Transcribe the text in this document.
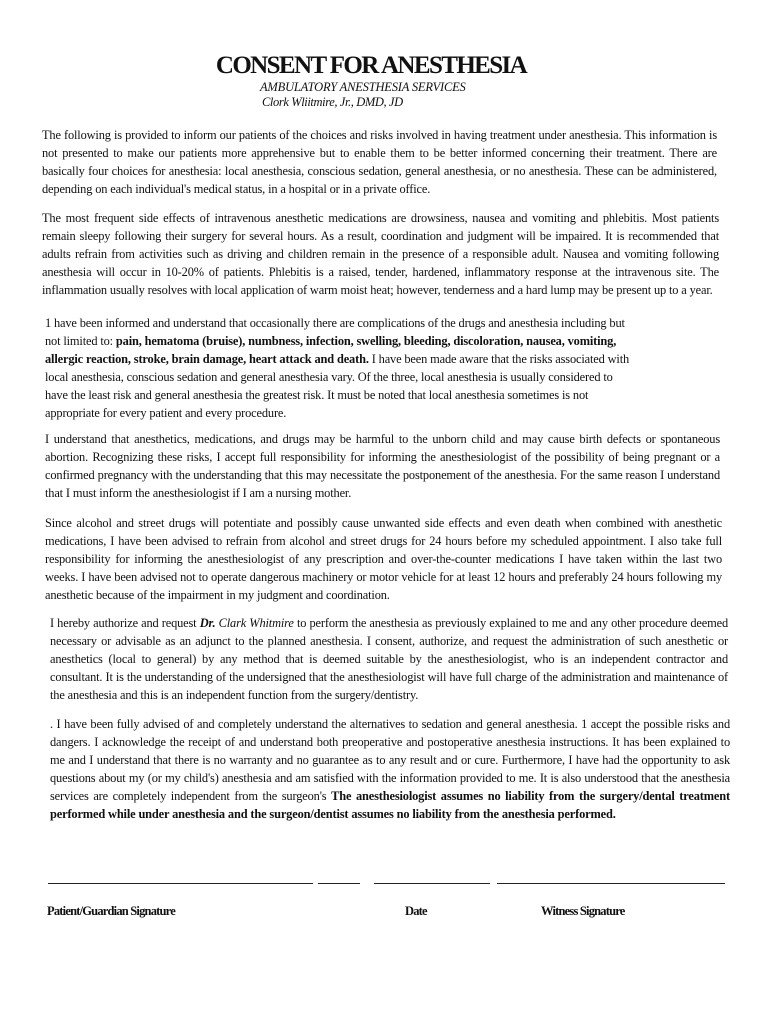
CONSENT FOR ANESTHESIA
AMBULATORY ANESTHESIA SERVICES
Clork Wliitmire, Jr., DMD, JD

The following is provided to inform our patients of the choices and risks involved in having treatment under anesthesia. This information is not presented to make our patients more apprehensive but to enable them to be better informed concerning their treatment. There are basically four choices for anesthesia: local anesthesia, conscious sedation, general anesthesia, or no anesthesia. These can be administered, depending on each individual's medical status, in a hospital or in a private office.

The most frequent side effects of intravenous anesthetic medications are drowsiness, nausea and vomiting and phlebitis. Most patients remain sleepy following their surgery for several hours. As a result, coordination and judgment will be impaired. It is recommended that adults refrain from activities such as driving and children remain in the presence of a responsible adult. Nausea and vomiting following anesthesia will occur in 10-20% of patients. Phlebitis is a raised, tender, hardened, inflammatory response at the intravenous site. The inflammation usually resolves with local application of warm moist heat; however, tenderness and a hard lump may be present up to a year.

1 have been informed and understand that occasionally there are complications of the drugs and anesthesia including but not limited to: pain, hematoma (bruise), numbness, infection, swelling, bleeding, discoloration, nausea, vomiting, allergic reaction, stroke, brain damage, heart attack and death. I have been made aware that the risks associated with local anesthesia, conscious sedation and general anesthesia vary. Of the three, local anesthesia is usually considered to have the least risk and general anesthesia the greatest risk. It must be noted that local anesthesia sometimes is not appropriate for every patient and every procedure.

I understand that anesthetics, medications, and drugs may be harmful to the unborn child and may cause birth defects or spontaneous abortion. Recognizing these risks, I accept full responsibility for informing the anesthesiologist of the possibility of being pregnant or a confirmed pregnancy with the understanding that this may necessitate the postponement of the anesthesia. For the same reason I understand that I must inform the anesthesiologist if I am a nursing mother.

Since alcohol and street drugs will potentiate and possibly cause unwanted side effects and even death when combined with anesthetic medications, I have been advised to refrain from alcohol and street drugs for 24 hours before my scheduled appointment. I also take full responsibility for informing the anesthesiologist of any prescription and over-the-counter medications I have taken within the last two weeks. I have been advised not to operate dangerous machinery or motor vehicle for at least 12 hours and preferably 24 hours following my anesthetic because of the impairment in my judgment and coordination.

I hereby authorize and request Dr. Clark Whitmire to perform the anesthesia as previously explained to me and any other procedure deemed necessary or advisable as an adjunct to the planned anesthesia. I consent, authorize, and request the administration of such anesthetic or anesthetics (local to general) by any method that is deemed suitable by the anesthesiologist, who is an independent contractor and consultant. It is the understanding of the undersigned that the anesthesiologist will have full charge of the administration and maintenance of the anesthesia and this is an independent function from the surgery/dentistry.

. I have been fully advised of and completely understand the alternatives to sedation and general anesthesia. 1 accept the possible risks and dangers. I acknowledge the receipt of and understand both preoperative and postoperative anesthesia instructions. It has been explained to me and I understand that there is no warranty and no guarantee as to any result and or cure. Furthermore, I have had the opportunity to ask questions about my (or my child's) anesthesia and am satisfied with the information provided to me. It is also understood that the anesthesia services are completely independent from the surgeon's The anesthesiologist assumes no liability from the surgery/dental treatment performed while under anesthesia and the surgeon/dentist assumes no liability from the anesthesia performed.

Patient/Guardian Signature	Date	Witness Signature
